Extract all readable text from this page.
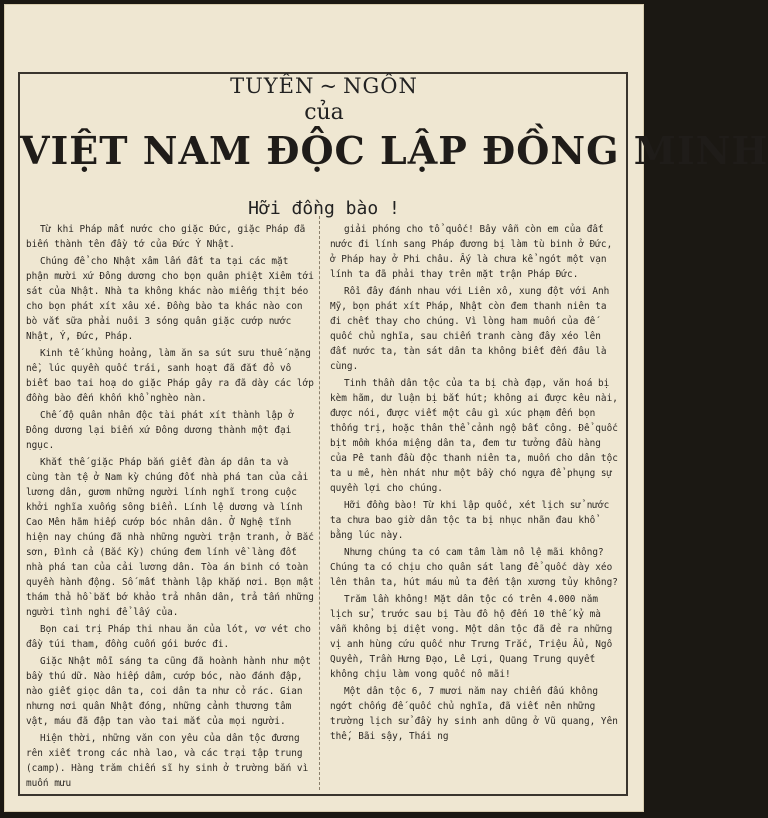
TUYÊN ~ NGÔN
của
VIỆT NAM ĐỘC LẬP ĐỒNG MINH
Hỡi đồng bào !

Từ khi Pháp mất nước cho giặc Đức, giặc Pháp đã biến thành tên đầy tớ của Đức Ý Nhật.

Chúng để cho Nhật xâm lấn đất ta tại các mặt phận mười xứ Đông dương cho bọn quân phiệt Xiêm tới sát của Nhật. Nhà ta không khác nào miếng thịt béo cho bọn phát xít xâu xé. Đồng bào ta khác nào con bò vắt sữa phải nuôi 3 sóng quân giặc cướp nước Nhật, Ý, Đức, Pháp.

Kinh tế khủng hoảng, làm ăn sa sút sưu thuế nặng nề, lúc quyền quốc trái, sanh hoạt đã đắt đỏ vô biết bao tai hoạ do giặc Pháp gây ra đã dày các lớp đồng bào đến khốn khổ nghèo nàn.

Chế độ quân nhân độc tài phát xít thành lập ở Đông dương lại biến xứ Đông dương thành một đại ngục.

Khắt thế giặc Pháp bắn giết đàn áp dân ta và cùng tàn tệ ở Nam kỳ chúng đốt nhà phá tan của cải lương dân, gươm những người lính nghĩ trong cuộc khởi nghĩa xuống sông biển. Lính lệ dương và lính Cao Mên hãm hiếp cướp bóc nhân dân. Ở Nghệ tĩnh hiện nay chúng đã nhà những người trận tranh, ở Bắc sơn, Đình cả (Bắc Kỳ) chúng đem lính về làng đốt nhà phá tan của cải lương dân. Tòa án binh có toàn quyền hành động. Số mất thành lập khắp nơi. Bọn mật thám thả hồ bắt bớ khảo trả nhân dân, trả tấn những người tình nghi để lấy của.

Bọn cai trị Pháp thi nhau ăn của lót, vơ vét cho đầy túi tham, đồng cuốn gói bước đi.

Giặc Nhật mỗi sáng ta cũng đã hoành hành như một bầy thú dữ. Nào hiếp dâm, cướp bóc, nào đánh đập, nào giết giọc dân ta, coi dân ta như cỏ rác. Gian nhưng nơi quân Nhật đóng, những cảnh thương tâm vật, máu đã đập tan vào tai mắt của mọi người.

Hiện thời, những văn con yêu của dân tộc đương rên xiết trong các nhà lao, và các trại tập trung (camp). Hàng trăm chiến sĩ hy sinh ở trường bắn vì muốn mưu

giải phóng cho tổ quốc! Bây vẫn còn em của đất nước đi lính sang Pháp đương bị làm tù binh ở Đức, ở Pháp hay ở Phi châu. Ấy là chưa kể ngót một vạn lính ta đã phải thay trên mặt trận Pháp Đức.

Rồi đây đánh nhau với Liên xô, xung đột với Anh Mỹ, bọn phát xít Pháp, Nhật còn đem thanh niên ta đi chết thay cho chúng. Vì lòng ham muốn của đế quốc chủ nghĩa, sau chiến tranh càng đây xéo lên đất nước ta, tàn sát dân ta không biết đến đâu là cùng.

Tinh thần dân tộc của ta bị chà đạp, văn hoá bị kèm hãm, dư luận bị bắt hút; không ai được kêu nài, được nói, được viết một câu gì xúc phạm đến bọn thống trị, hoặc thân thể cảnh ngộ bất công. Để quốc bịt mồm khóa miệng dân ta, đem tư tưởng đầu hàng của Pê tanh đầu độc thanh niên ta, muốn cho dân tộc ta u mê, hèn nhát như một bầy chó ngựa để phụng sự quyền lợi cho chúng.

Hỡi đồng bào! Từ khi lập quốc, xét lịch sử nước ta chưa bao giờ dân tộc ta bị nhục nhãn đau khổ bằng lúc này.

Nhưng chúng ta có cam tâm làm nô lệ mãi không? Chúng ta có chịu cho quân sát lang để quốc dày xéo lên thân ta, hút máu mủ ta đến tận xương tủy không?

Trăm lần không! Mặt dân tộc có trên 4.000 năm lịch sử, trước sau bị Tàu đô hộ đến 10 thế kỷ mà vẫn không bị diệt vong. Một dân tộc đã đẻ ra những vị anh hùng cứu quốc như Trưng Trắc, Triệu Ẩu, Ngô Quyền, Trần Hưng Đạo, Lê Lợi, Quang Trung quyết không chịu làm vong quốc nô mãi!

Một dân tộc 6, 7 mươi năm nay chiến đấu không ngớt chống đế quốc chủ nghĩa, đã viết nên những trường lịch sử đầy hy sinh anh dũng ở Vũ quang, Yên thế, Bãi sậy, Thái ng
